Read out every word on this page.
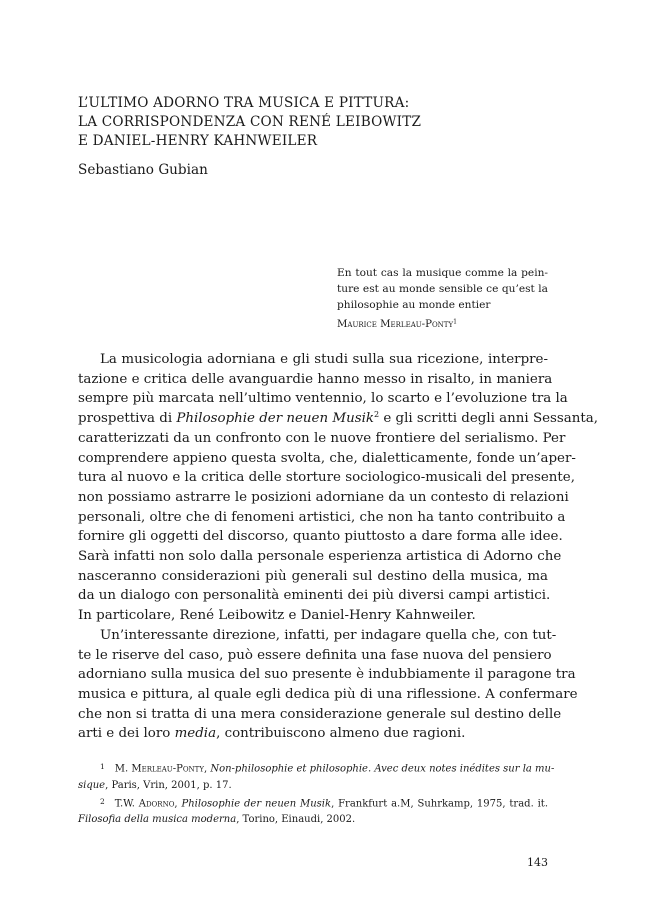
L’ULTIMO ADORNO TRA MUSICA E PITTURA:
LA CORRISPONDENZA CON RENÉ LEIBOWITZ
E DANIEL-HENRY KAHNWEILER
Sebastiano Gubian
En tout cas la musique comme la pein-
ture est au monde sensible ce qu’est la
philosophie au monde entier
Maurice Merleau-Ponty$^1$
La musicologia adorniana e gli studi sulla sua ricezione, interpre-
tazione e critica delle avanguardie hanno messo in risalto, in maniera
sempre più marcata nell’ultimo ventennio, lo scarto e l’evoluzione tra la
prospettiva di Philosophie der neuen Musik$^2$ e gli scritti degli anni Sessanta,
caratterizzati da un confronto con le nuove frontiere del serialismo. Per
comprendere appieno questa svolta, che, dialetticamente, fonde un’aper-
tura al nuovo e la critica delle storture sociologico-musicali del presente,
non possiamo astrarre le posizioni adorniane da un contesto di relazioni
personali, oltre che di fenomeni artistici, che non ha tanto contribuito a
fornire gli oggetti del discorso, quanto piuttosto a dare forma alle idee.
Sarà infatti non solo dalla personale esperienza artistica di Adorno che
nasceranno considerazioni più generali sul destino della musica, ma
da un dialogo con personalità eminenti dei più diversi campi artistici.
In particolare, René Leibowitz e Daniel-Henry Kahnweiler.
Un’interessante direzione, infatti, per indagare quella che, con tut-
te le riserve del caso, può essere definita una fase nuova del pensiero
adorniano sulla musica del suo presente è indubbiamente il paragone tra
musica e pittura, al quale egli dedica più di una riflessione. A confermare
che non si tratta di una mera considerazione generale sul destino delle
arti e dei loro media, contribuiscono almeno due ragioni.
$^1$ M. Merleau-Ponty, Non-philosophie et philosophie. Avec deux notes inédites sur la mu-
sique, Paris, Vrin, 2001, p. 17.
$^2$ T.W. Adorno, Philosophie der neuen Musik, Frankfurt a.M, Suhrkamp, 1975, trad. it.
Filosofia della musica moderna, Torino, Einaudi, 2002.
143
